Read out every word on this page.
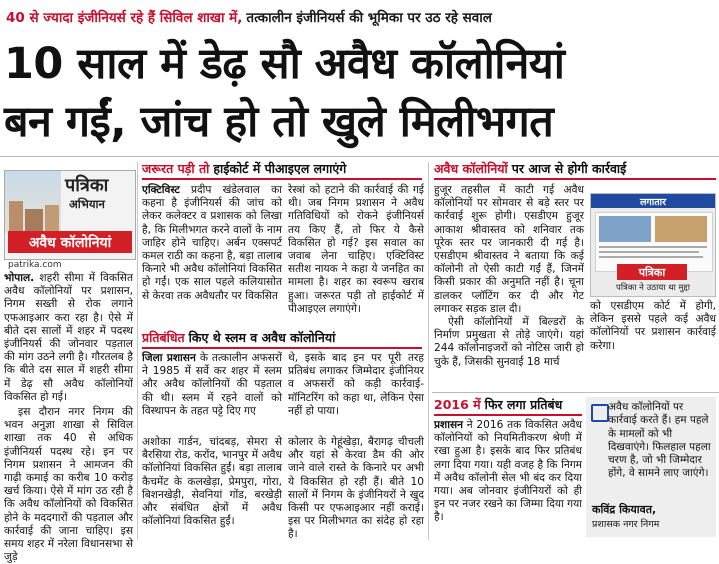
40 से ज्यादा इंजीनियर्स रहे हैं सिविल शाखा में, तत्कालीन इंजीनियर्स की भूमिका पर उठ रहे सवाल
10 साल में डेढ़ सौ अवैध कॉलोनियां
बन गईं, जांच हो तो खुले मिलीभगत
पत्रिका
अभियान
अवैध कॉलोनियां
patrika.com

भोपाल. शहरी सीमा में विकसित अवैध कॉलोनियों पर प्रशासन, निगम सख्ती से रोक लगाने एफआइआर करा रहा है। ऐसे में बीते दस सालों में शहर में पदस्थ इंजीनियर्स की जोनवार पड़ताल की मांग उठने लगी है। गौरतलब है कि बीते दस साल में शहरी सीमा में डेढ़ सौ अवैध कॉलोनियों विकसित हो गई।

इस दौरान नगर निगम की भवन अनुज्ञा शाखा से सिविल शाखा तक 40 से अधिक इंजीनियर्स पदस्थ रहे। इन पर निगम प्रशासन ने आमजन की गाढ़ी कमाई का करीब 10 करोड़ खर्च किया। ऐसे में मांग उठ रही है कि अवैध कॉलोनियों को विकसित होने के मददगारों की पड़ताल और कार्रवाई की जाना चाहिए। इस समय शहर में नरेला विधानसभा से जुड़े

जरूरत पड़ी तो हाईकोर्ट में पीआइएल लगाएंगे

एक्टिविस्ट प्रदीप खंडेलवाल का कहना है इंजीनियर्स की जांच को लेकर कलेक्टर व प्रशासक को लिखा है, कि मिलीभगत करने वालों के नाम जाहिर होने चाहिए। अर्बन एक्सपर्ट कमल राठी का कहना है, बड़ा तालाब किनारे भी अवैध कॉलोनियां विकसित हो गईं। एक साल पहले कलियासोत से केरवा तक अवैधतौर पर विकसित

रेस्त्रां को हटाने की कार्रवाई की गई थी। जब निगम प्रशासन ने अवैध गतिविधियों को रोकने इंजीनियर्स तय किए हैं, तो फिर ये कैसे विकसित हो गई? इस सवाल का जवाब लेना चाहिए। एक्टिविस्ट सतीश नायक ने कहा ये जनहित का मामला है। शहर का स्वरूप खराब हुआ। जरूरत पड़ी तो हाईकोर्ट में पीआइएल लगाएंगे।

प्रतिबंधित किए थे स्लम व अवैध कॉलोनियां

जिला प्रशासन के तत्कालीन अफसरों ने 1985 में सर्वे कर शहर में स्लम और अवैध कॉलोनियों की पड़ताल की थी। स्लम में रहने वालों को विस्थापन के तहत पट्टे दिए गए

थे, इसके बाद इन पर पूरी तरह प्रतिबंध लगाकर जिम्मेदार इंजीनियर व अफसरों को कड़ी कार्रवाई- मॉनिटरिंग को कहा था, लेकिन ऐसा नहीं हो पाया।

अशोका गार्डन, चांदबड़, सेमरा से बैरसिया रोड, करोंद, भानपुर में अवैध कॉलोनियां विकसित हुईं। बड़ा तालाब कैचमेंट के कलखेड़ा, प्रेमपुरा, गोरा, बिशनखेड़ी, सेवनियां गोंड, बरखेड़ी और संबंधित क्षेत्रों में अवैध कॉलोनियां विकसित हुईं।

कोलार के गेहूंखेड़ा, बैरागढ़ चीचली और यहां से केरवा डैम की ओर जाने वाले रास्ते के किनारे पर अभी ये विकसित हो रही हैं। बीते 10 सालों में निगम के इंजीनियरों ने खुद किसी पर एफआइआर नहीं कराई। इस पर मिलीभगत का संदेह हो रहा है।

अवैध कॉलोनियों पर आज से होगी कार्रवाई

हुजूर तहसील में काटी गई अवैध कॉलोनियों पर सोमवार से बड़े स्तर पर कार्रवाई शुरू होगी। एसडीएम हुजूर आकाश श्रीवास्तव को शनिवार तक पूरेक स्तर पर जानकारी दी गई है। एसडीएम श्रीवास्तव ने बताया कि कई कॉलोनी तो ऐसी काटी गईं हैं, जिनमें किसी प्रकार की अनुमति नहीं है। चूना डालकर प्लॉटिंग कर दी और गेट लगाकर सड़क डाल दी।

ऐसी कॉलोनियों में बिल्डरों के निर्माण प्रमुखता से तोड़े जाएंगे। यहां 244 कॉलोनाइजरों को नोटिस जारी हो चुके हैं, जिसकी सुनवाई 18 मार्च

लगातार
पत्रिका
पत्रिका ने उठाया था मुद्दा

को एसडीएम कोर्ट में होगी, लेकिन इससे पहले कई अवैध कॉलोनियों पर प्रशासन कार्रवाई करेगा।

2016 में फिर लगा प्रतिबंध

प्रशासन ने 2016 तक विकसित अवैध कॉलोनियों को नियमितीकरण श्रेणी में रखा हुआ है। इसके बाद फिर प्रतिबंध लगा दिया गया। यही वजह है कि निगम में अवैध कॉलोनी सेल भी बंद कर दिया गया। अब जोनवार इंजीनियरों को ही इन पर नजर रखने का जिम्मा दिया गया है।

अवैध कॉलोनियों पर कार्रवाई करते हैं। हम पहले के मामलों को भी दिखवाएंगे। फिलहाल पहला चरण है, जो भी जिम्मेदार होंगे, वे सामने लाए जाएंगे।
कविंद्र कियावत,
प्रशासक नगर निगम
